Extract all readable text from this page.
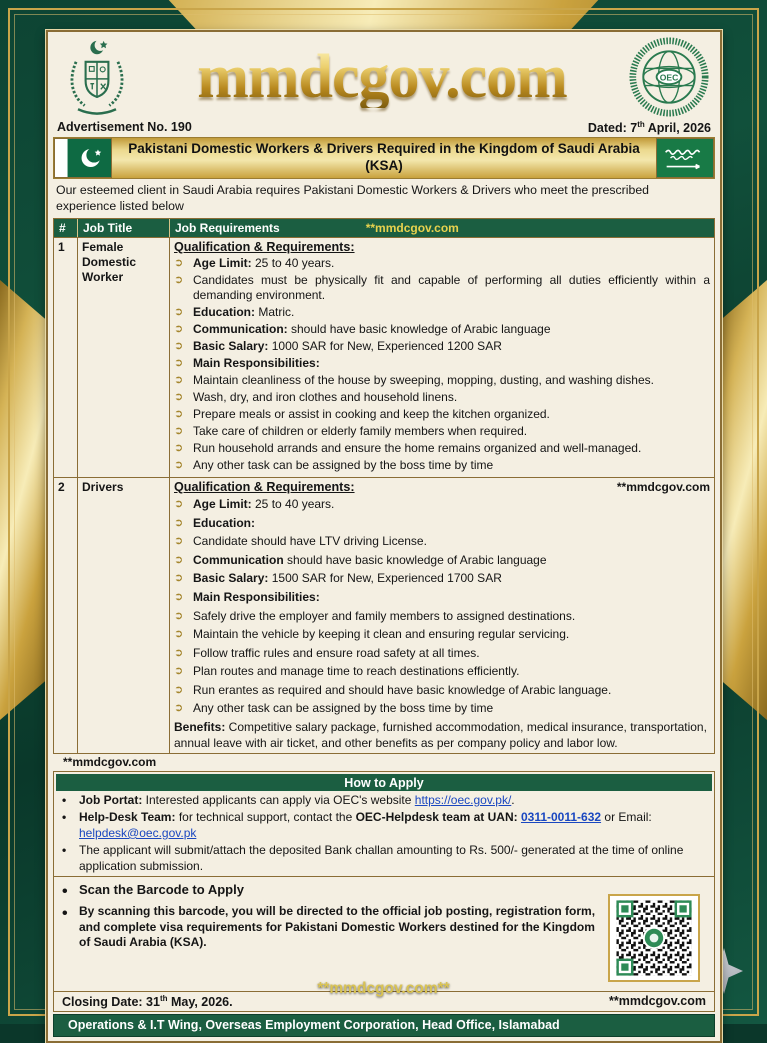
mmdcgov.com	OEC
Advertisement No. 190	Dated: 7th April, 2026
Pakistani Domestic Workers & Drivers Required in the Kingdom of Saudi Arabia (KSA)
Our esteemed client in Saudi Arabia requires Pakistani Domestic Workers & Drivers who meet the prescribed experience listed below
#	Job Title	Job Requirements	**mmdcgov.com
1	Female Domestic Worker
Qualification & Requirements:
➲ Age Limit: 25 to 40 years.
➲ Candidates must be physically fit and capable of performing all duties efficiently within a demanding environment.
➲ Education: Matric.
➲ Communication: should have basic knowledge of Arabic language
➲ Basic Salary: 1000 SAR for New, Experienced 1200 SAR
➲ Main Responsibilities:
➲ Maintain cleanliness of the house by sweeping, mopping, dusting, and washing dishes.
➲ Wash, dry, and iron clothes and household linens.
➲ Prepare meals or assist in cooking and keep the kitchen organized.
➲ Take care of children or elderly family members when required.
➲ Run household arrands and ensure the home remains organized and well-managed.
➲ Any other task can be assigned by the boss time by time
2	Drivers	Qualification & Requirements:	**mmdcgov.com
➲ Age Limit: 25 to 40 years.
➲ Education:
➲ Candidate should have LTV driving License.
➲ Communication should have basic knowledge of Arabic language
➲ Basic Salary: 1500 SAR for New, Experienced 1700 SAR
➲ Main Responsibilities:
➲ Safely drive the employer and family members to assigned destinations.
➲ Maintain the vehicle by keeping it clean and ensuring regular servicing.
➲ Follow traffic rules and ensure road safety at all times.
➲ Plan routes and manage time to reach destinations efficiently.
➲ Run erantes as required and should have basic knowledge of Arabic language.
➲ Any other task can be assigned by the boss time by time
Benefits: Competitive salary package, furnished accommodation, medical insurance, transportation, annual leave with air ticket, and other benefits as per company policy and labor low.
**mmdcgov.com
How to Apply
•	Job Portat: Interested applicants can apply via OEC's website https://oec.gov.pk/.
•	Help-Desk Team: for technical support, contact the OEC-Helpdesk team at UAN: 0311-0011-632 or Email: helpdesk@oec.gov.pk
•	The applicant will submit/attach the deposited Bank challan amounting to Rs. 500/- generated at the time of online application submission.
• Scan the Barcode to Apply
• By scanning this barcode, you will be directed to the official job posting, registration form, and complete visa requirements for Pakistani Domestic Workers destined for the Kingdom of Saudi Arabia (KSA).
Closing Date: 31th May, 2026.	**mmdcgov.com
Operations & I.T Wing, Overseas Employment Corporation, Head Office, Islamabad
**mmdcgov.com**
